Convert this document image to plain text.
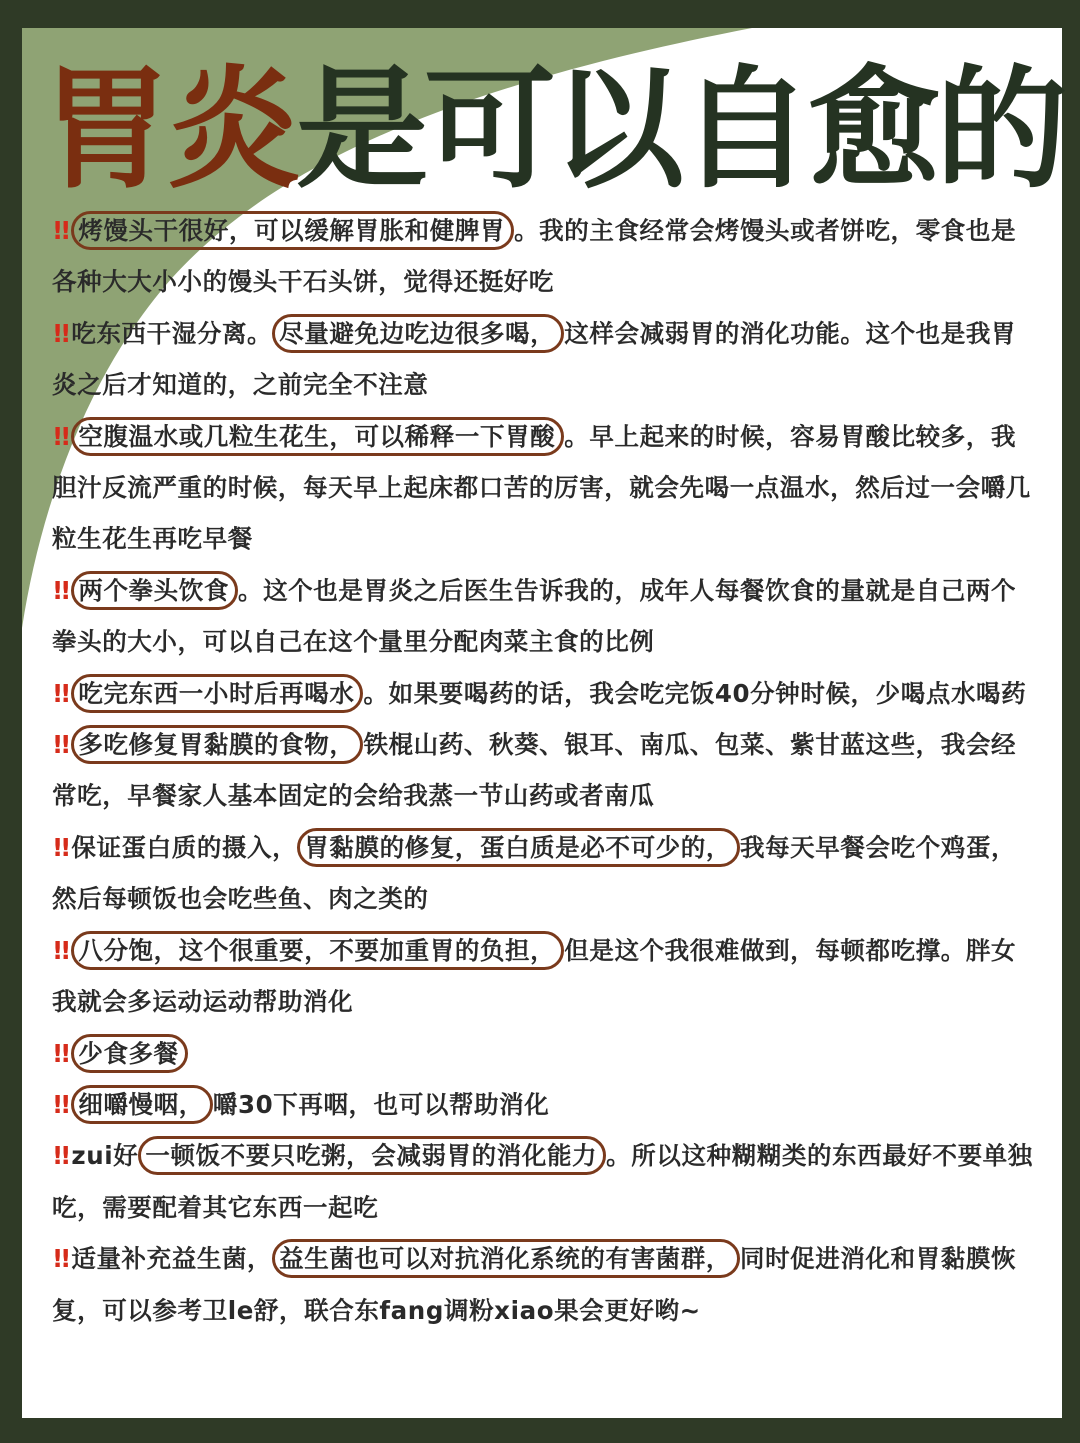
胃炎是可以自愈的
!! 烤馒头干很好，可以缓解胃胀和健脾胃 。我的主食经常会烤馒头或者饼吃，零食也是各种大大小小的馒头干石头饼，觉得还挺好吃
!! 吃东西干湿分离。 尽量避免边吃边很多喝， 这样会减弱胃的消化功能。这个也是我胃炎之后才知道的，之前完全不注意
!! 空腹温水或几粒生花生，可以稀释一下胃酸 。早上起来的时候，容易胃酸比较多，我胆汁反流严重的时候，每天早上起床都口苦的厉害，就会先喝一点温水，然后过一会嚼几粒生花生再吃早餐
!! 两个拳头饮食 。这个也是胃炎之后医生告诉我的，成年人每餐饮食的量就是自己两个拳头的大小，可以自己在这个量里分配肉菜主食的比例
!! 吃完东西一小时后再喝水 。如果要喝药的话，我会吃完饭40分钟时候，少喝点水喝药
!! 多吃修复胃黏膜的食物， 铁棍山药、秋葵、银耳、南瓜、包菜、紫甘蓝这些，我会经常吃，早餐家人基本固定的会给我蒸一节山药或者南瓜
!! 保证蛋白质的摄入， 胃黏膜的修复，蛋白质是必不可少的， 我每天早餐会吃个鸡蛋，然后每顿饭也会吃些鱼、肉之类的
!! 八分饱，这个很重要，不要加重胃的负担， 但是这个我很难做到，每顿都吃撑。胖女我就会多运动运动帮助消化
!! 少食多餐
!! 细嚼慢咽， 嚼30下再咽，也可以帮助消化
!! zui好 一顿饭不要只吃粥，会减弱胃的消化能力 。所以这种糊糊类的东西最好不要单独吃，需要配着其它东西一起吃
!! 适量补充益生菌， 益生菌也可以对抗消化系统的有害菌群， 同时促进消化和胃黏膜恢复，可以参考卫le舒，联合东fang调粉xiao果会更好哟~
